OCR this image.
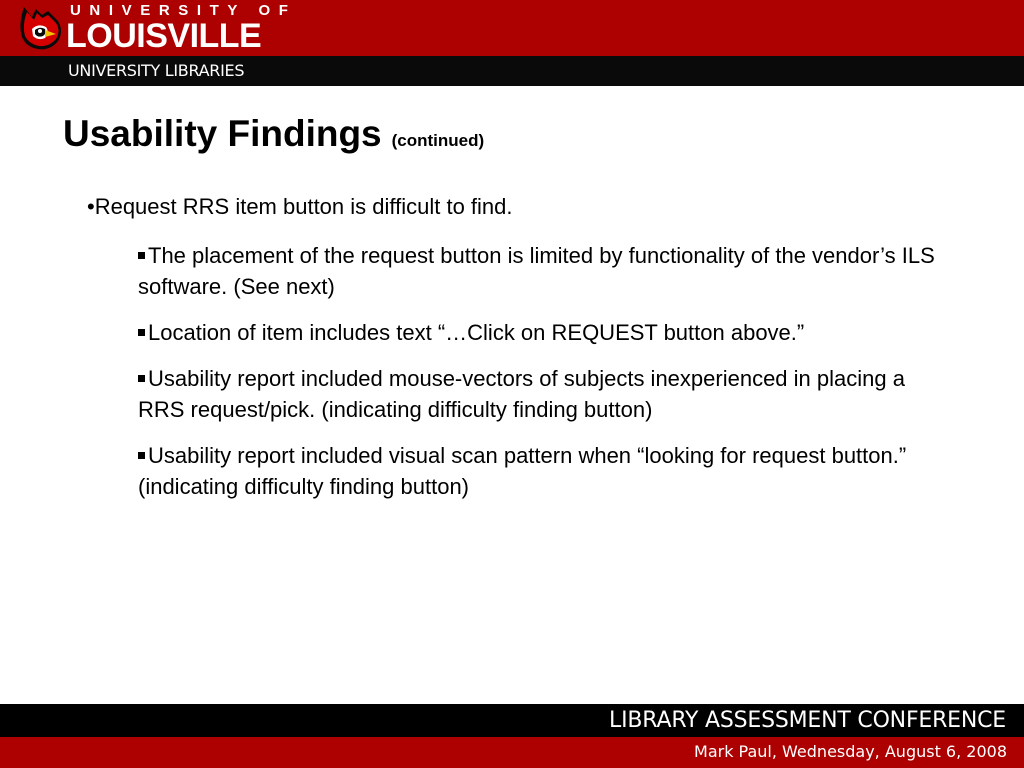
UNIVERSITY OF
LOUISVILLE
UNIVERSITY LIBRARIES
Usability Findings (continued)
•Request RRS item button is difficult to find.
The placement of the request button is limited by functionality of the vendor’s ILS software. (See next)
Location of item includes text “…Click on REQUEST button above.”
Usability report included mouse-vectors of subjects inexperienced in placing a RRS request/pick. (indicating difficulty finding button)
Usability report included visual scan pattern when “looking for request button.” (indicating difficulty finding button)
LIBRARY ASSESSMENT CONFERENCE
Mark Paul, Wednesday, August 6, 2008
